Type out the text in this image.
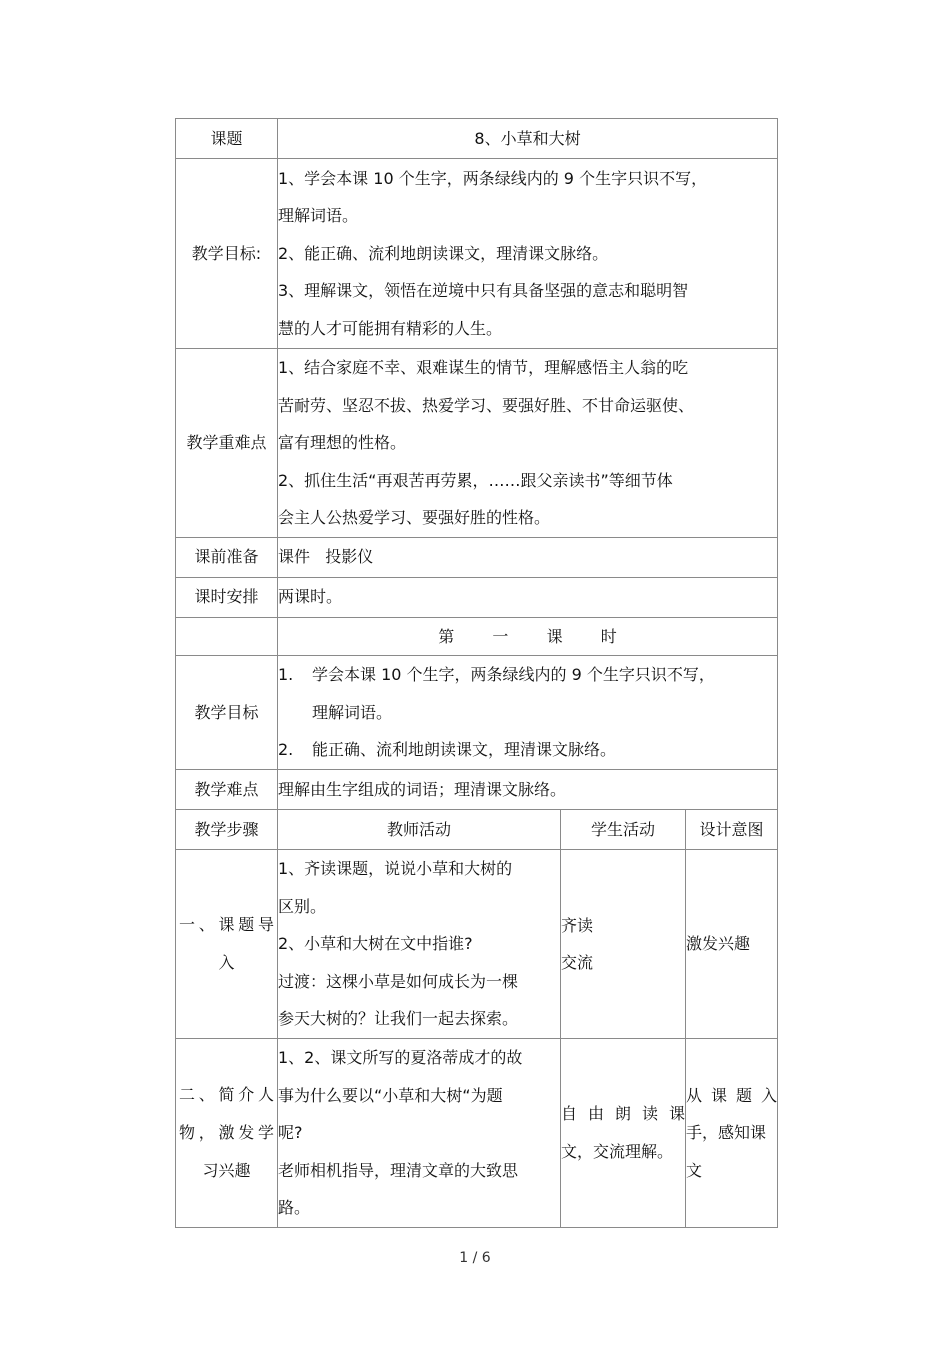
课题	8、小草和大树		
教学目标:	1、学会本课 10 个生字，两条绿线内的 9 个生字只识不写，
理解词语。
2、能正确、流利地朗读课文，理清课文脉络。
3、理解课文，领悟在逆境中只有具备坚强的意志和聪明智
慧的人才可能拥有精彩的人生。		

教学重难点	1、结合家庭不幸、艰难谋生的情节，理解感悟主人翁的吃
苦耐劳、坚忍不拔、热爱学习、要强好胜、不甘命运驱使、
富有理想的性格。
2、抓住生活“再艰苦再劳累，……跟父亲读书”等细节体
会主人公热爱学习、要强好胜的性格。		

课前准备	课件   投影仪		
课时安排	两课时。		
	第  一  课  时		
教学目标	1. 学会本课 10 个生字，两条绿线内的 9 个生字只识不写，
理解词语。
2. 能正确、流利地朗读课文，理清课文脉络。		

教学难点	理解由生字组成的词语；理清课文脉络。		
教学步骤	教师活动	学生活动	设计意图

一、课题导
入	1、齐读课题，说说小草和大树的
区别。
2、小草和大树在文中指谁?
过渡：这棵小草是如何成长为一棵
参天大树的？让我们一起去探索。	齐读
交流	激发兴趣

二、简介人
物，激发学
习兴趣	1、2、课文所写的夏洛蒂成才的故
事为什么要以“小草和大树“为题
呢?
老师相机指导，理清文章的大致思
路。	自由朗读课
文，交流理解。	从课题入
手，感知课
文
1 / 6
